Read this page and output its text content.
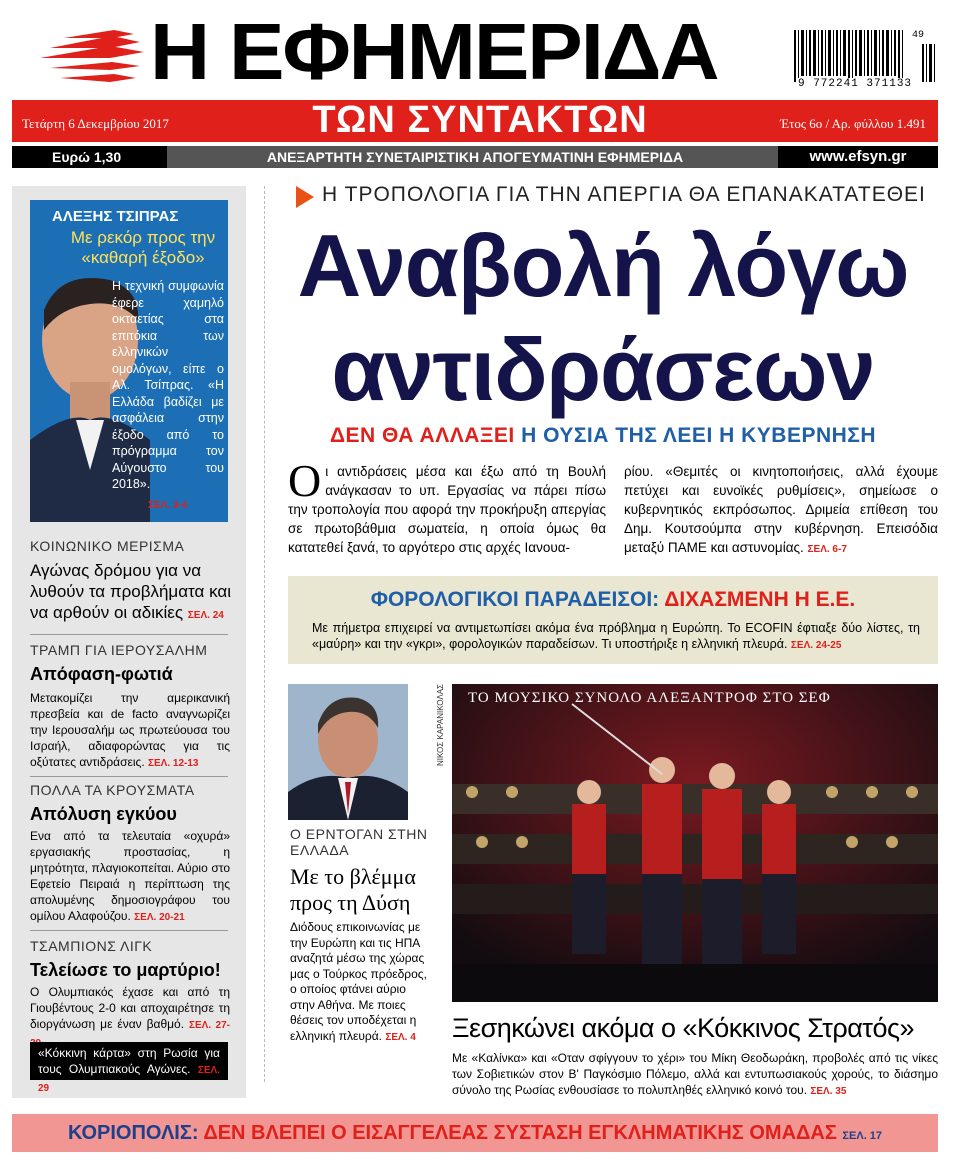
Η ΕΦΗΜΕΡΙΔΑ	49
9 772241 371133
Τετάρτη 6 Δεκεμβρίου 2017	ΤΩΝ ΣΥΝΤΑΚΤΩΝ	Έτος 6ο / Αρ. φύλλου 1.491
Ευρώ 1,30	ΑΝΕΞΑΡΤΗΤΗ ΣΥΝΕΤΑΙΡΙΣΤΙΚΗ ΑΠΟΓΕΥΜΑΤΙΝΗ ΕΦΗΜΕΡΙΔΑ	www.efsyn.gr
ΑΛΕΞΗΣ ΤΣΙΠΡΑΣ
Με ρεκόρ προς την «καθαρή έξοδο»
Η τεχνική συμφωνία έφερε χαμηλό οκταετίας στα επιτόκια των ελληνικών ομολόγων, είπε ο Αλ. Τσίπρας. «Η Ελλάδα βαδίζει με ασφάλεια στην έξοδο από το πρόγραμμα τον Αύγουστο του 2018».
ΣΕΛ. 3-4
ΚΟΙΝΩΝΙΚΟ ΜΕΡΙΣΜΑ
Αγώνας δρόμου για να λυθούν τα προβλήματα και να αρθούν οι αδικίες ΣΕΛ. 24
ΤΡΑΜΠ ΓΙΑ ΙΕΡΟΥΣΑΛΗΜ
Απόφαση-φωτιά
Μετακομίζει την αμερικανική πρεσβεία και de facto αναγνωρίζει την Ιερουσαλήμ ως πρωτεύουσα του Ισραήλ, αδιαφορώντας για τις οξύτατες αντιδράσεις. ΣΕΛ. 12-13
ΠΟΛΛΑ ΤΑ ΚΡΟΥΣΜΑΤΑ
Απόλυση εγκύου
Ενα από τα τελευταία «οχυρά» εργασιακής προστασίας, η μητρότητα, πλαγιοκοπείται. Αύριο στο Εφετείο Πειραιά η περίπτωση της απολυμένης δημοσιογράφου του ομίλου Αλαφούζου. ΣΕΛ. 20-21
ΤΣΑΜΠΙΟΝΣ ΛΙΓΚ
Τελείωσε το μαρτύριο!
Ο Ολυμπιακός έχασε και από τη Γιουβέντους 2-0 και αποχαιρέτησε τη διοργάνωση με έναν βαθμό. ΣΕΛ. 27-
«Κόκκινη κάρτα» στη Ρωσία για τους Ολυμπιακούς Αγώνες. ΣΕΛ. 29
Η ΤΡΟΠΟΛΟΓΙΑ ΓΙΑ ΤΗΝ ΑΠΕΡΓΙΑ ΘΑ ΕΠΑΝΑΚΑΤΑΤΕΘΕΙ
Αναβολή λόγω
αντιδράσεων
ΔΕΝ ΘΑ ΑΛΛΑΞΕΙ Η ΟΥΣΙΑ ΤΗΣ ΛΕΕΙ Η ΚΥΒΕΡΝΗΣΗ
Οι αντιδράσεις μέσα και έξω από τη Βουλή ανάγκασαν το υπ. Εργασίας να πάρει πίσω την τροπολογία που αφορά την προκήρυξη απεργίας σε πρωτοβάθμια σωματεία, η οποία όμως θα κατατεθεί ξανά, το αργότερο στις αρχές Ιανουα-
ρίου. «Θεμιτές οι κινητοποιήσεις, αλλά έχουμε πετύχει και ευνοϊκές ρυθμίσεις», σημείωσε ο κυβερνητικός εκπρόσωπος. Δριμεία επίθεση του Δημ. Κουτσούμπα στην κυβέρνηση. Επεισόδια μεταξύ ΠΑΜΕ και αστυνομίας. ΣΕΛ. 6-7
ΦΟΡΟΛΟΓΙΚΟΙ ΠΑΡΑΔΕΙΣΟΙ: ΔΙΧΑΣΜΕΝΗ Η Ε.Ε.
Με πήμετρα επιχειρεί να αντιμετωπίσει ακόμα ένα πρόβλημα η Ευρώπη. Το ECOFIN έφτιαξε δύο λίστες, τη «μαύρη» και την «γκρι», φορολογικών παραδείσων. Τι υποστήριξε η ελληνική πλευρά. ΣΕΛ. 24-25
Ο ΕΡΝΤΟΓΑΝ ΣΤΗΝ ΕΛΛΑΔΑ
Με το βλέμμα προς τη Δύση
Διόδους επικοινωνίας με την Ευρώπη και τις ΗΠΑ αναζητά μέσω της χώρας μας ο Τούρκος πρόεδρος, ο οποίος φτάνει αύριο στην Αθήνα. Με ποιες θέσεις τον υποδέχεται η ελληνική πλευρά. ΣΕΛ. 4
ΝΙΚΟΣ ΚΑΡΑΝΙΚΟΛΑΣ ΤΟ ΜΟΥΣΙΚΟ ΣΥΝΟΛΟ ΑΛΕΞΑΝΤΡΟΦ ΣΤΟ ΣΕΦ
Ξεσηκώνει ακόμα ο «Κόκκινος Στρατός»
Με «Καλίνκα» και «Οταν σφίγγουν το χέρι» του Μίκη Θεοδωράκη, προβολές από τις νίκες των Σοβιετικών στον Β' Παγκόσμιο Πόλεμο, αλλά και εντυπωσιακούς χορούς, το διάσημο σύνολο της Ρωσίας ενθουσίασε το πολυπληθές ελληνικό κοινό του. ΣΕΛ. 35
ΚΟΡΙΟΠΟΛΙΣ: ΔΕΝ ΒΛΕΠΕΙ Ο ΕΙΣΑΓΓΕΛΕΑΣ ΣΥΣΤΑΣΗ ΕΓΚΛΗΜΑΤΙΚΗΣ ΟΜΑΔΑΣ ΣΕΛ. 17
